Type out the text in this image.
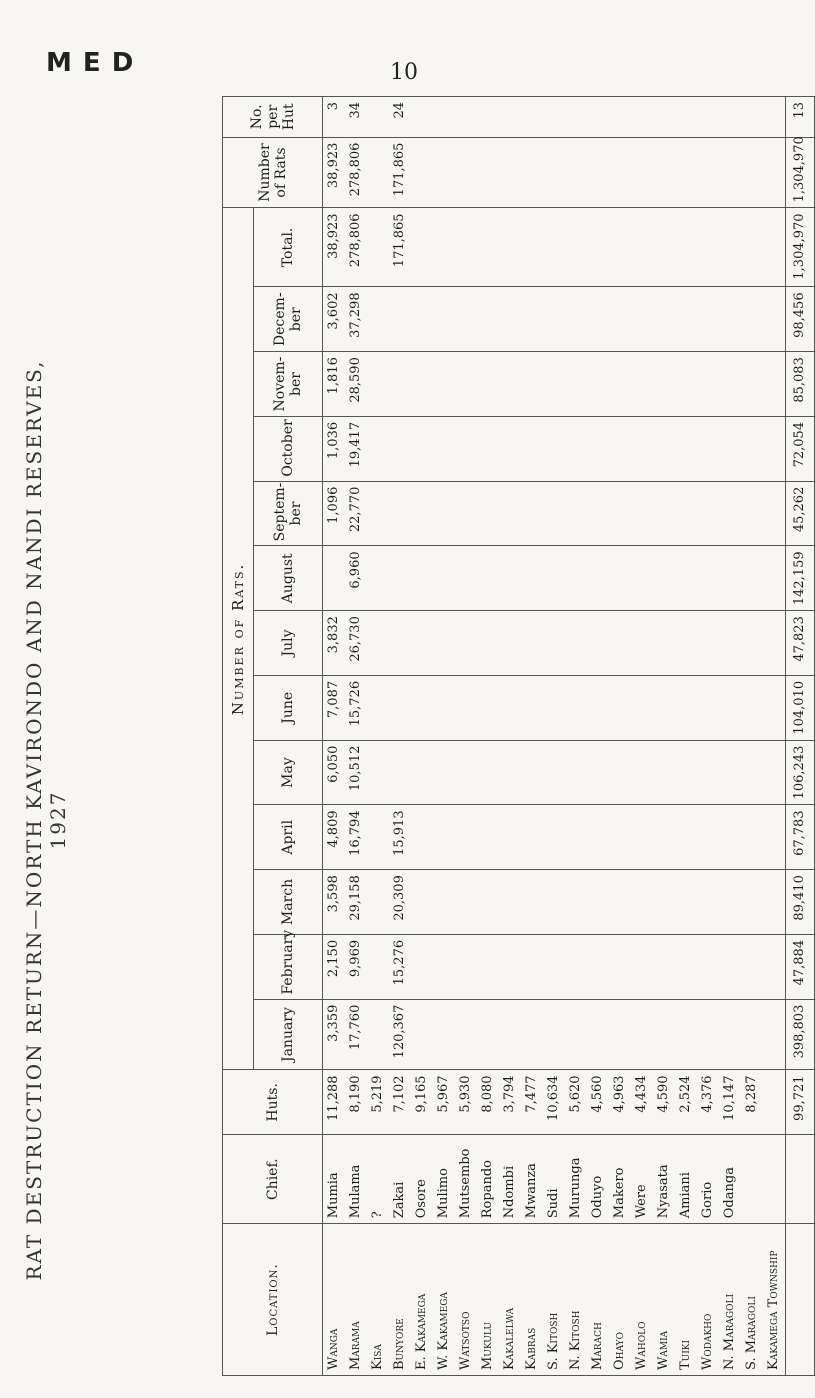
M E D	10
RAT DESTRUCTION RETURN—NORTH KAVIRONDO AND NANDI RESERVES, 1927
Location.	Chief.	Huts.	Number of Rats.													Number of Rats	No. per Hut
			January	February	March	April	May	June	July	August	Septem-ber	October	Novem-ber	Decem-ber	Total.		
Wanga	Mumia	11,288	3,359	2,150	3,598	4,809	6,050	7,087	3,832		1,096	1,036	1,816	3,602	38,923	38,923	3
Marama	Mulama	8,190	17,760	9,969	29,158	16,794	10,512	15,726	26,730	6,960	22,770	19,417	28,590	37,298	278,806	278,806	34
Kisa	?	5,219															
Bunyore	Zakai	7,102	120,367	15,276	20,309	15,913									171,865	171,865	24
E. Kakamega	Osore	9,165															
W. Kakamega	Mulimo	5,967															
Watsotso	Mutsembo	5,930															
Mukulu	Ropando	8,080															
Kakalelwa	Ndombi	3,794															
Kabras	Mwanza	7,477															
S. Kitosh	Sudi	10,634															
N. Kitosh	Murunga	5,620															
Marach	Oduyo	4,560															
Ohayo	Makero	4,963															
Waholo	Were	4,434															
Wamia	Nyasata	4,590															
Tuiki	Amiani	2,524															
Wodakho	Gorio	4,376															
N. Maragoli	Odanga	10,147															
S. Maragoli		8,287															
Kakamega Township																	
		99,721	398,803	47,884	89,410	67,783	106,243	104,010	47,823	142,159	45,262	72,054	85,083	98,456	1,304,970	1,304,970	13
